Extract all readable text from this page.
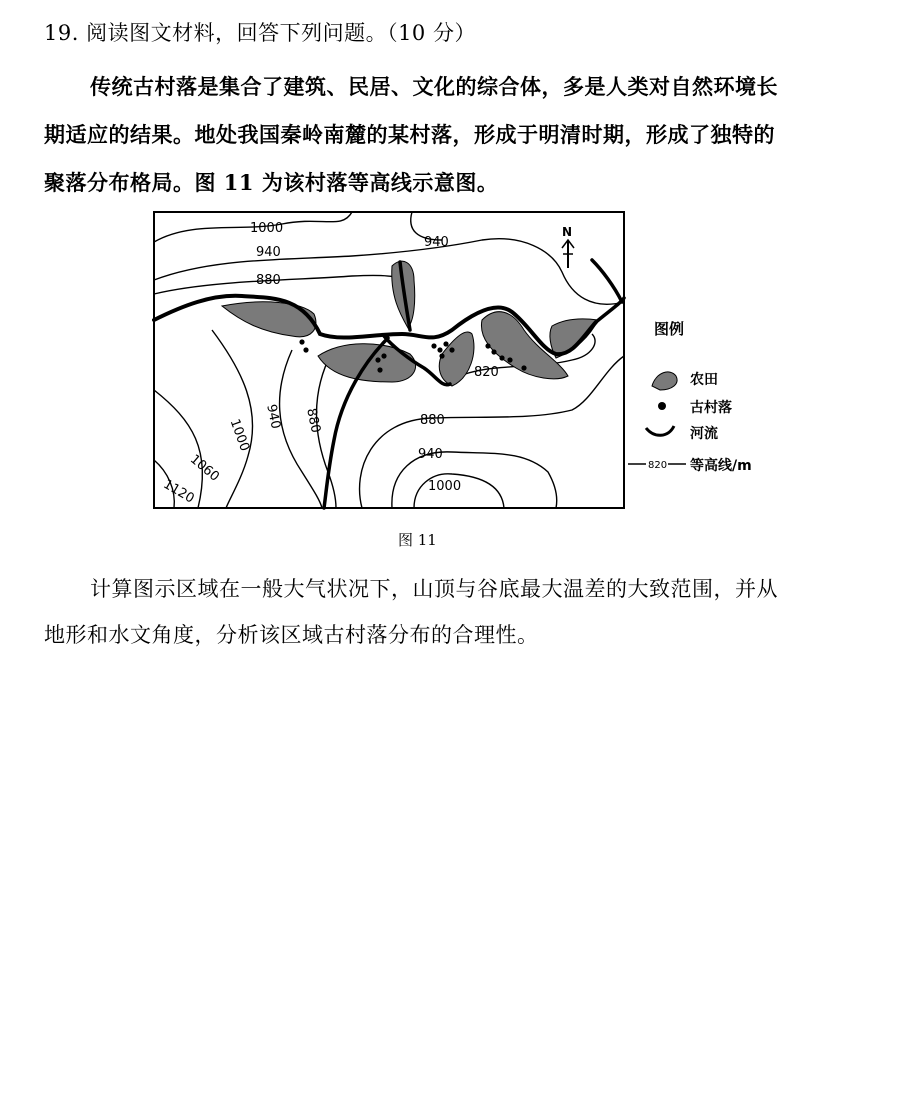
19. 阅读图文材料，回答下列问题。（10 分）
传统古村落是集合了建筑、民居、文化的综合体，多是人类对自然环境长
期适应的结果。地处我国秦岭南麓的某村落，形成于明清时期，形成了独特的
聚落分布格局。图 11 为该村落等高线示意图。
1000
940
940
880
940 880
1000
1060
1120
820
880
940
1000
N
图例
农田
古村落
河流
820 等高线/m
图 11
计算图示区域在一般大气状况下，山顶与谷底最大温差的大致范围，并从
地形和水文角度，分析该区域古村落分布的合理性。
